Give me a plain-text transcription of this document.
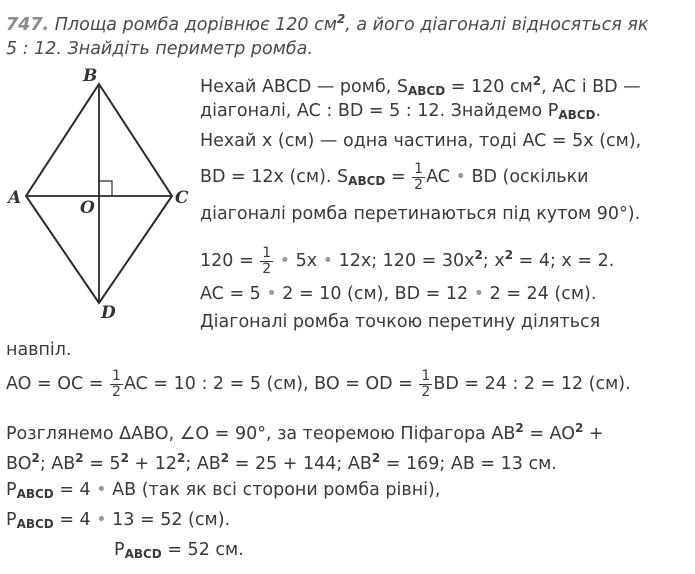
747. Площа ромба дорівнює 120 $см^2$, а його діагоналі відносяться як
5 : 12. Знайдіть периметр ромба.
B
A	C
D
O
Нехай ABCD — ромб, $S_{ABCD} = 120$ $см^2$, AC і BD —
діагоналі, AC : BD = 5 : 12. Знайдемо $P_{ABCD}$.
Нехай x (см) — одна частина, тоді AC = 5x (см),
BD = 12x (см). $S_{ABCD} = \frac{1}{2}$ AC • BD (оскільки
діагоналі ромба перетинаються під кутом 90°).
$120 = \frac{1}{2}$ • 5x • 12x; $120 = 30x^2$; $x^2 = 4$; x = 2.
AC = 5 • 2 = 10 (см), BD = 12 • 2 = 24 (см).
Діагоналі ромба точкою перетину діляться
навпіл.
AO = OC = $\frac{1}{2}$ AC = 10 : 2 = 5 (см), BO = OD = $\frac{1}{2}$ BD = 24 : 2 = 12 (см).
Розглянемо ΔABO, ∠O = 90°, за теоремою Піфагора $AB^2 = AO^2$ +
$BO^2$; $AB^2 = 5^2 + 12^2$; $AB^2 = 25 + 144$; $AB^2 = 169$; AB = 13 см.
$P_{ABCD} = 4$ • AB (так як всі сторони ромба рівні),
$P_{ABCD} = 4$ • 13 = 52 (см).
$P_{ABCD} = 52$ см.
